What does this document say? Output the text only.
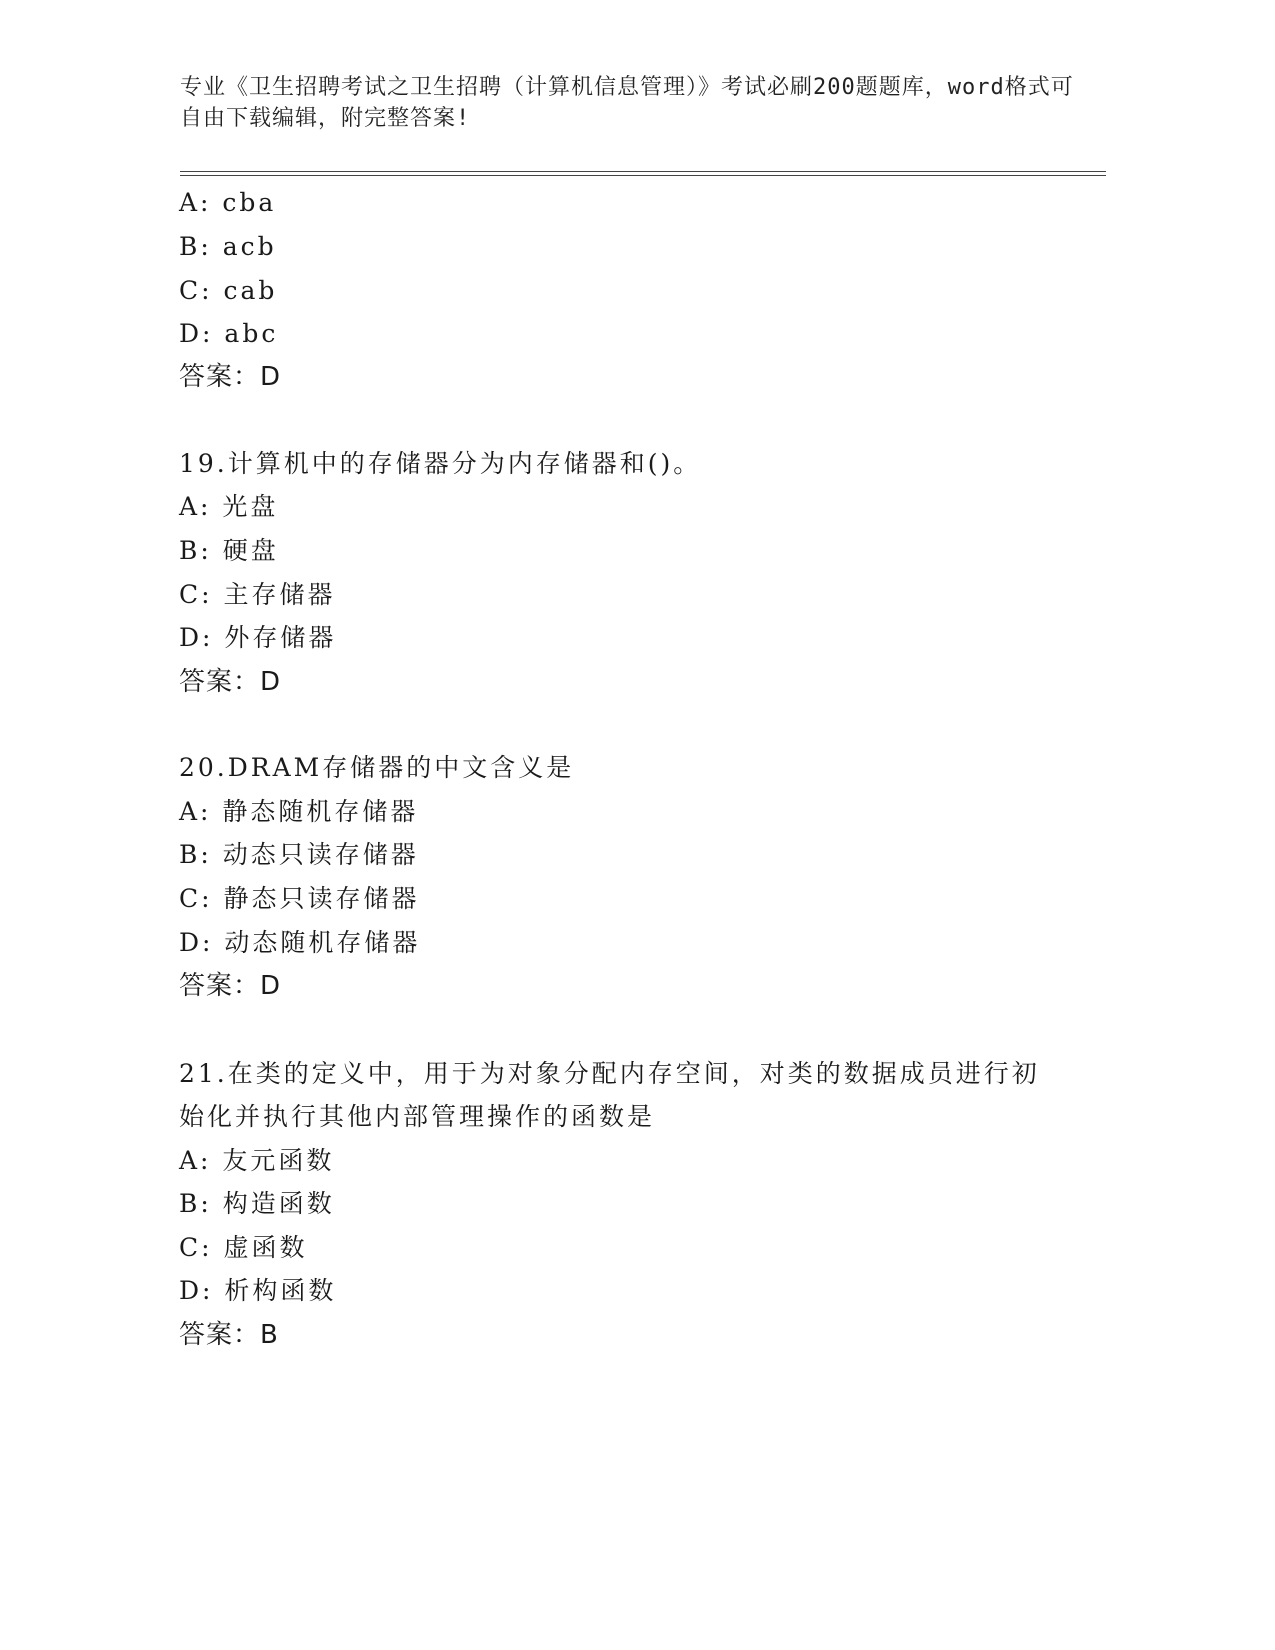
专业《卫生招聘考试之卫生招聘（计算机信息管理）》考试必刷200题题库，word格式可自由下载编辑，附完整答案!
A: cba
B: acb
C: cab
D: abc
答案：D
19.计算机中的存储器分为内存储器和()。
A: 光盘
B: 硬盘
C: 主存储器
D: 外存储器
答案：D
20.DRAM存储器的中文含义是
A: 静态随机存储器
B: 动态只读存储器
C: 静态只读存储器
D: 动态随机存储器
答案：D
21.在类的定义中，用于为对象分配内存空间，对类的数据成员进行初始化并执行其他内部管理操作的函数是
A: 友元函数
B: 构造函数
C: 虚函数
D: 析构函数
答案：B
